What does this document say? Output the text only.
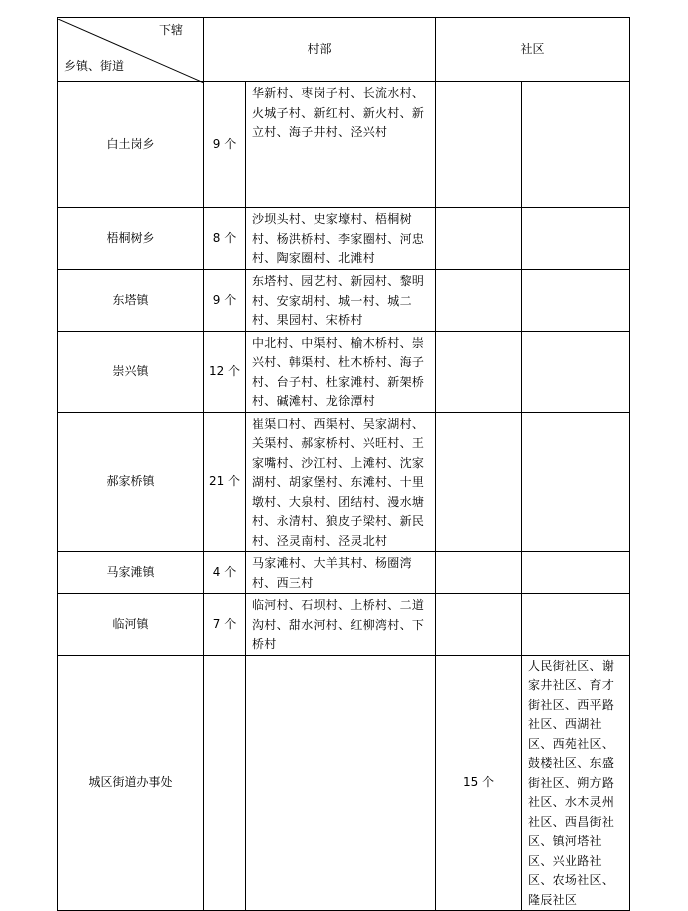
下辖
乡镇、街道	村部		社区	
白土岗乡	9 个	华新村、枣岗子村、长流水村、火城子村、新红村、新火村、新立村、海子井村、泾兴村		
梧桐树乡	8 个	沙坝头村、史家壕村、梧桐树村、杨洪桥村、李家圈村、河忠村、陶家圈村、北滩村		
东塔镇	9 个	东塔村、园艺村、新园村、黎明村、安家胡村、城一村、城二村、果园村、宋桥村		
崇兴镇	12 个	中北村、中渠村、榆木桥村、崇兴村、韩渠村、杜木桥村、海子村、台子村、杜家滩村、新架桥村、碱滩村、龙徐潭村		
郝家桥镇	21 个	崔渠口村、西渠村、吴家湖村、关渠村、郝家桥村、兴旺村、王家嘴村、沙江村、上滩村、沈家湖村、胡家堡村、东滩村、十里墩村、大泉村、团结村、漫水塘村、永清村、狼皮子梁村、新民村、泾灵南村、泾灵北村		
马家滩镇	4 个	马家滩村、大羊其村、杨圈湾村、西三村		
临河镇	7 个	临河村、石坝村、上桥村、二道沟村、甜水河村、红柳湾村、下桥村		
城区街道办事处			15 个	人民街社区、谢家井社区、育才街社区、西平路社区、西湖社区、西苑社区、鼓楼社区、东盛街社区、朔方路社区、水木灵州社区、西昌街社区、镇河塔社区、兴业路社区、农场社区、隆辰社区
